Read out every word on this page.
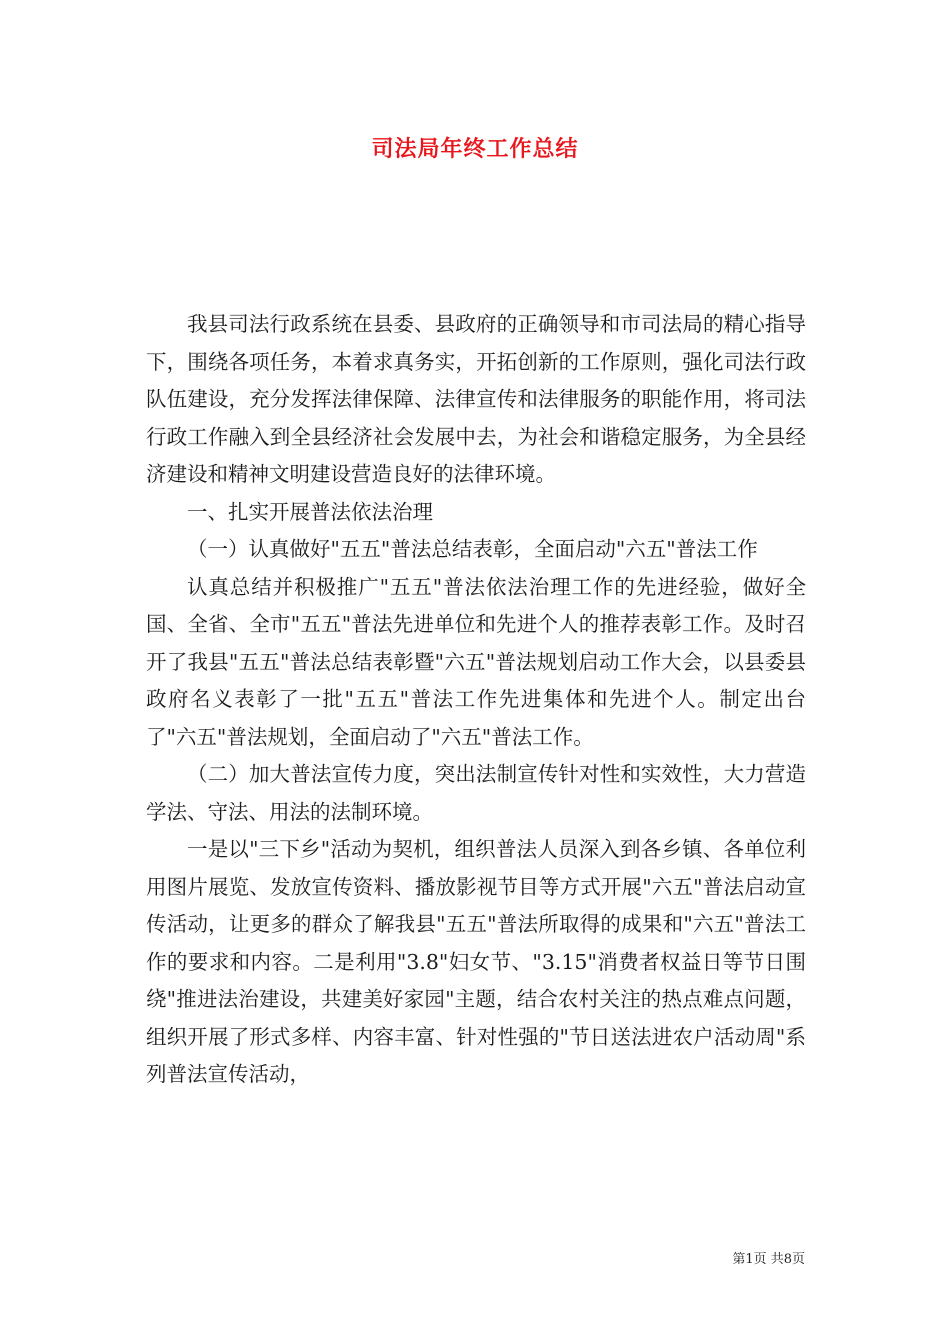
司法局年终工作总结

我县司法行政系统在县委、县政府的正确领导和市司法局的精心指导下，围绕各项任务，本着求真务实，开拓创新的工作原则，强化司法行政队伍建设，充分发挥法律保障、法律宣传和法律服务的职能作用，将司法行政工作融入到全县经济社会发展中去，为社会和谐稳定服务，为全县经济建设和精神文明建设营造良好的法律环境。

一、扎实开展普法依法治理

（一）认真做好"五五"普法总结表彰，全面启动"六五"普法工作

认真总结并积极推广"五五"普法依法治理工作的先进经验，做好全国、全省、全市"五五"普法先进单位和先进个人的推荐表彰工作。及时召开了我县"五五"普法总结表彰暨"六五"普法规划启动工作大会，以县委县政府名义表彰了一批"五五"普法工作先进集体和先进个人。制定出台了"六五"普法规划，全面启动了"六五"普法工作。

（二）加大普法宣传力度，突出法制宣传针对性和实效性，大力营造学法、守法、用法的法制环境。

一是以"三下乡"活动为契机，组织普法人员深入到各乡镇、各单位利用图片展览、发放宣传资料、播放影视节目等方式开展"六五"普法启动宣传活动，让更多的群众了解我县"五五"普法所取得的成果和"六五"普法工作的要求和内容。二是利用"3.8"妇女节、"3.15"消费者权益日等节日围绕"推进法治建设，共建美好家园"主题，结合农村关注的热点难点问题，组织开展了形式多样、内容丰富、针对性强的"节日送法进农户活动周"系列普法宣传活动，

第1页 共8页
